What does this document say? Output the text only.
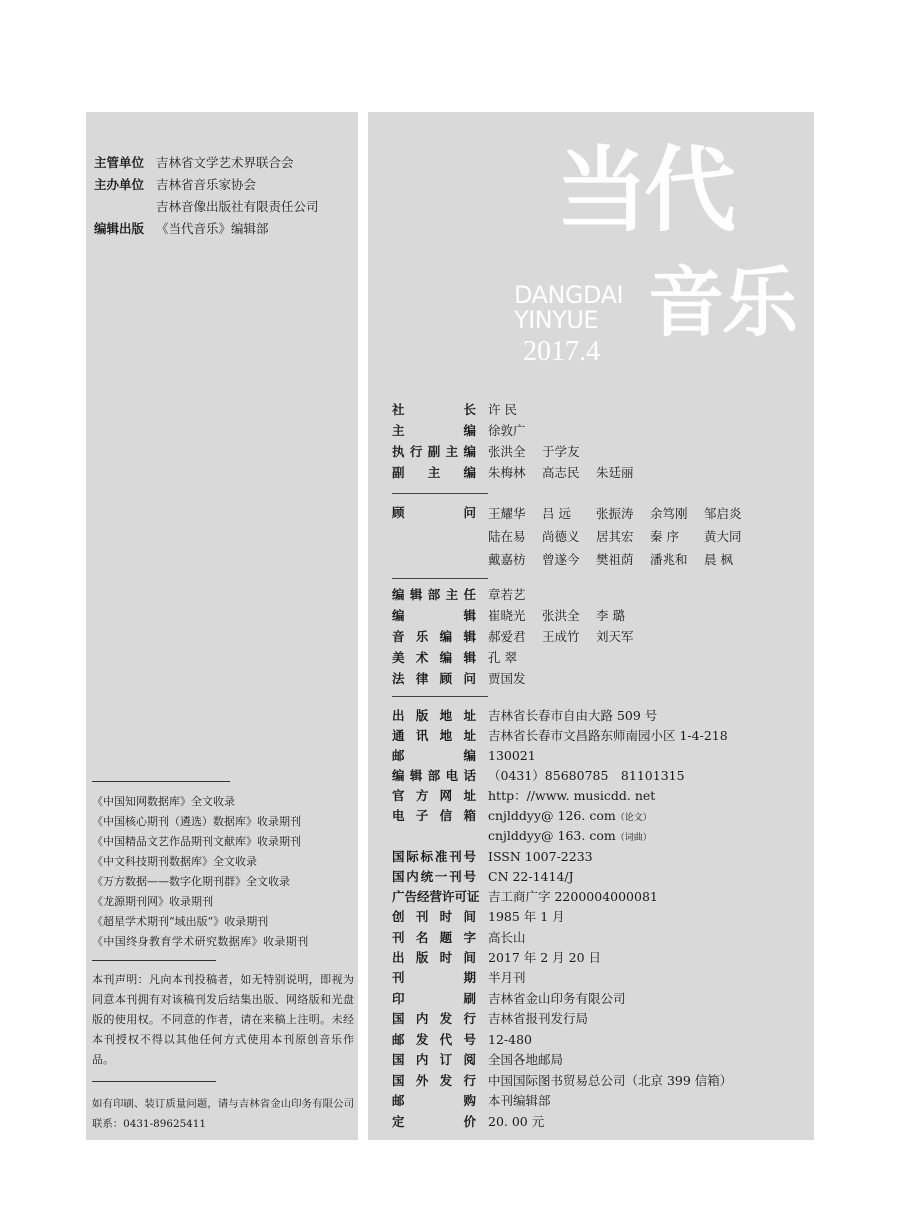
主管单位 吉林省文学艺术界联合会
主办单位 吉林省音乐家协会
吉林音像出版社有限责任公司
编辑出版 《当代音乐》编辑部
《中国知网数据库》全文收录
《中国核心期刊（遴选）数据库》收录期刊
《中国精品文艺作品期刊文献库》收录期刊
《中文科技期刊数据库》全文收录
《万方数据——数字化期刊群》全文收录
《龙源期刊网》收录期刊
《超星学术期刊“域出版”》收录期刊
《中国终身教育学术研究数据库》收录期刊
本刊声明：凡向本刊投稿者，如无特别说明，即视为同意本刊拥有对该稿刊发后结集出版、网络版和光盘版的使用权。不同意的作者，请在来稿上注明。未经本刊授权不得以其他任何方式使用本刊原创音乐作品。
如有印刷、装订质量问题，请与吉林省金山印务有限公司联系：0431-89625411
当代
音乐
DANGDAI
YINYUE
2017.4
社长 许 民
主编 徐敦广
执行副主编 张洪全 于学友
副主编 朱梅林 高志民 朱廷丽
顾问 王耀华 吕 远 张振涛 余笃刚 邹启炎
陆在易 尚德义 居其宏 秦 序 黄大同
戴嘉枋 曾遂今 樊祖荫 潘兆和 晨 枫
编辑部主任 章若艺
编辑 崔晓光 张洪全 李 璐
音乐编辑 郝爱君 王成竹 刘天军
美术编辑 孔 翠
法律顾问 贾国发
出版地址 吉林省长春市自由大路 509 号
通讯地址 吉林省长春市文昌路东师南园小区 1-4-218
邮编 130021
编辑部电话 （0431）85680785　81101315
官方网址 http：//www. musicdd. net
电子信箱 cnjlddyy@ 126. com（论文）
cnjlddyy@ 163. com（词曲）
国际标准刊号 ISSN 1007-2233
国内统一刊号 CN 22-1414/J
广告经营许可证 吉工商广字 2200004000081
创刊时间 1985 年 1 月
刊名题字 高长山
出版时间 2017 年 2 月 20 日
刊期 半月刊
印刷 吉林省金山印务有限公司
国内发行 吉林省报刊发行局
邮发代号 12-480
国内订阅 全国各地邮局
国外发行 中国国际图书贸易总公司（北京 399 信箱）
邮购 本刊编辑部
定价 20. 00 元
